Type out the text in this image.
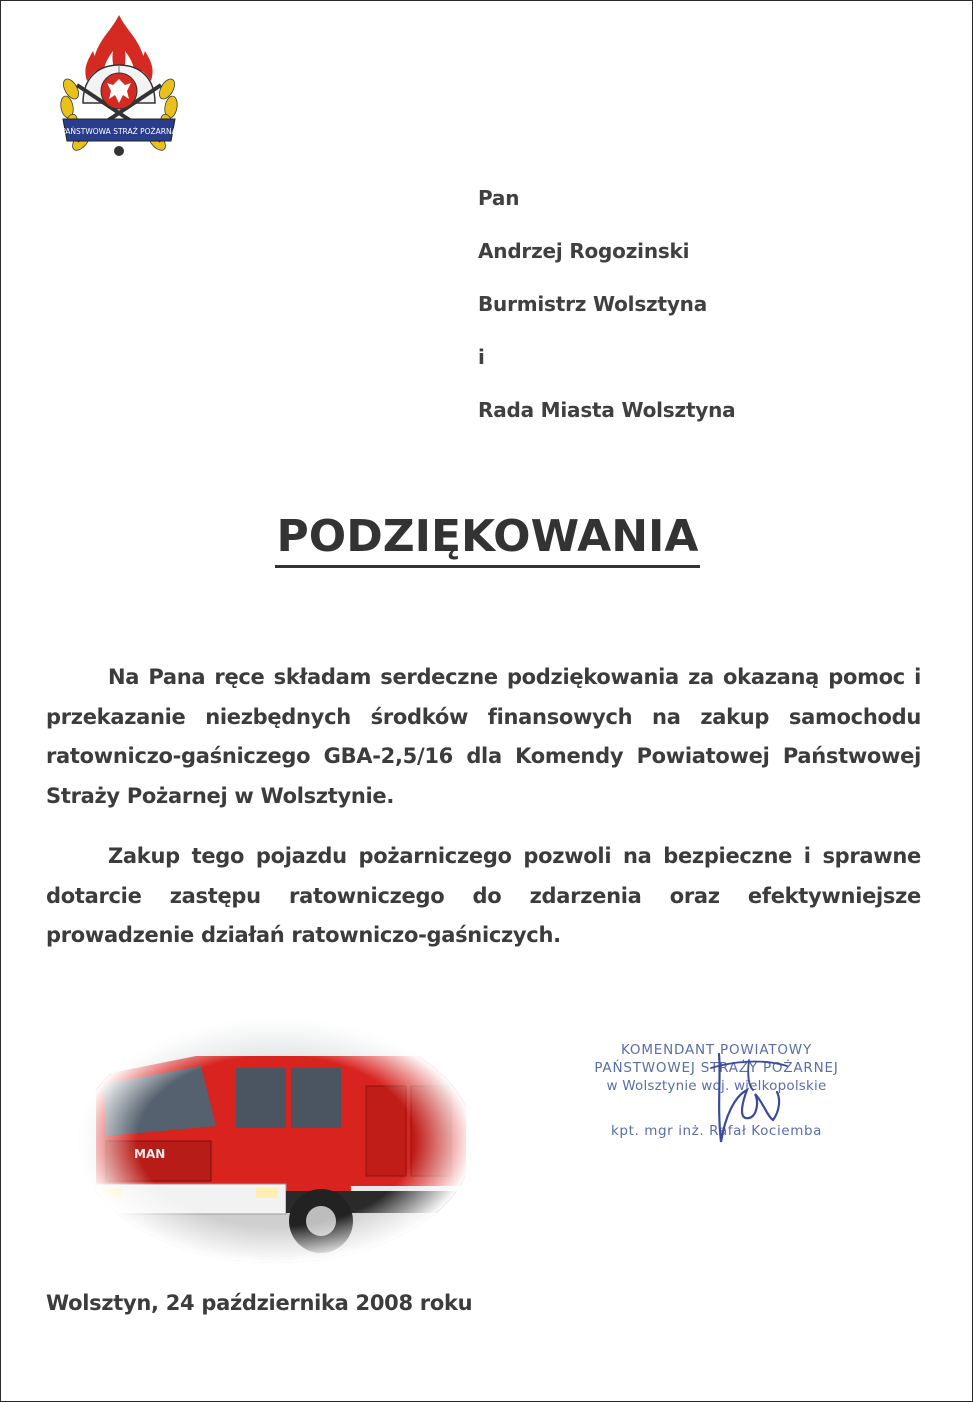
PAŃSTWOWA STRAŻ POŻARNA
Pan
Andrzej Rogozinski
Burmistrz Wolsztyna
i
Rada Miasta Wolsztyna
PODZIĘKOWANIA
Na Pana ręce składam serdeczne podziękowania za okazaną pomoc i przekazanie niezbędnych środków finansowych na zakup samochodu ratowniczo-gaśniczego GBA-2,5/16 dla Komendy Powiatowej Państwowej Straży Pożarnej w Wolsztynie.
Zakup tego pojazdu pożarniczego pozwoli na bezpieczne i sprawne dotarcie zastępu ratowniczego do zdarzenia oraz efektywniejsze prowadzenie działań ratowniczo-gaśniczych.
KOMENDANT POWIATOWY
PAŃSTWOWEJ STRAŻY POŻARNEJ
w Wolsztynie woj. wielkopolskie
kpt. mgr inż. Rafał Kociemba
Wolsztyn, 24 października 2008 roku
